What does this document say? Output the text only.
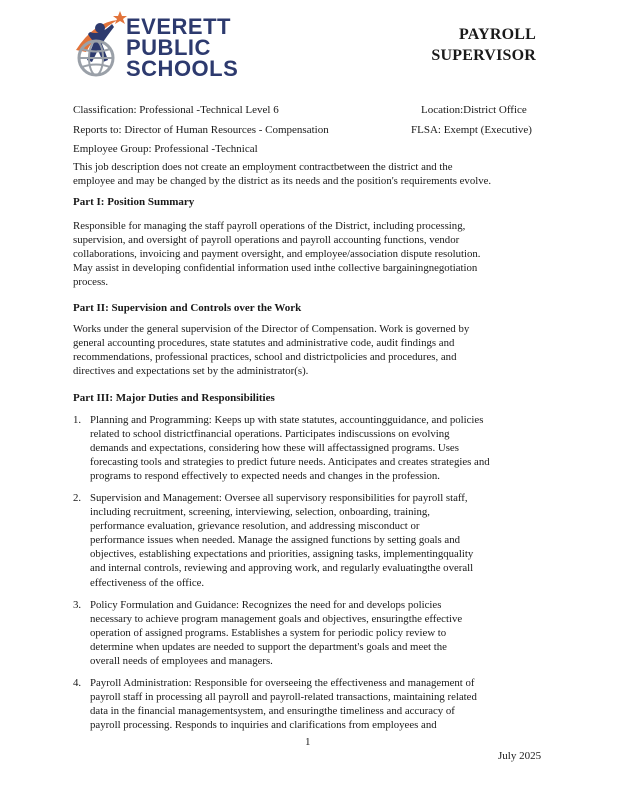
EVERETT
PUBLIC
SCHOOLS
PAYROLL
SUPERVISOR
Classification: Professional -Technical Level 6	Location:District Office
Reports to: Director of Human Resources - Compensation	FLSA: Exempt (Executive)
Employee Group: Professional -Technical
This job description does not create an employment contractbetween the district and the
employee and may be changed by the district as its needs and the position's requirements evolve.
Part I: Position Summary
Responsible for managing the staff payroll operations of the District, including processing,
supervision, and oversight of payroll operations and payroll accounting functions, vendor
collaborations, invoicing and payment oversight, and employee/association dispute resolution.
May assist in developing confidential information used inthe collective bargainingnegotiation
process.
Part II: Supervision and Controls over the Work
Works under the general supervision of the Director of Compensation. Work is governed by
general accounting procedures, state statutes and administrative code, audit findings and
recommendations, professional practices, school and districtpolicies and procedures, and
directives and expectations set by the administrator(s).
Part III: Major Duties and Responsibilities
1. Planning and Programming: Keeps up with state statutes, accountingguidance, and policies
related to school districtfinancial operations. Participates indiscussions on evolving
demands and expectations, considering how these will affectassigned programs. Uses
forecasting tools and strategies to predict future needs. Anticipates and creates strategies and
programs to respond effectively to expected needs and changes in the profession.
2. Supervision and Management: Oversee all supervisory responsibilities for payroll staff,
including recruitment, screening, interviewing, selection, onboarding, training,
performance evaluation, grievance resolution, and addressing misconduct or
performance issues when needed. Manage the assigned functions by setting goals and
objectives, establishing expectations and priorities, assigning tasks, implementingquality
and internal controls, reviewing and approving work, and regularly evaluatingthe overall
effectiveness of the office.
3. Policy Formulation and Guidance: Recognizes the need for and develops policies
necessary to achieve program management goals and objectives, ensuringthe effective
operation of assigned programs. Establishes a system for periodic policy review to
determine when updates are needed to support the department's goals and meet the
overall needs of employees and managers.
4. Payroll Administration: Responsible for overseeing the effectiveness and management of
payroll staff in processing all payroll and payroll-related transactions, maintaining related
data in the financial managementsystem, and ensuringthe timeliness and accuracy of
payroll processing. Responds to inquiries and clarifications from employees and
1
July 2025
